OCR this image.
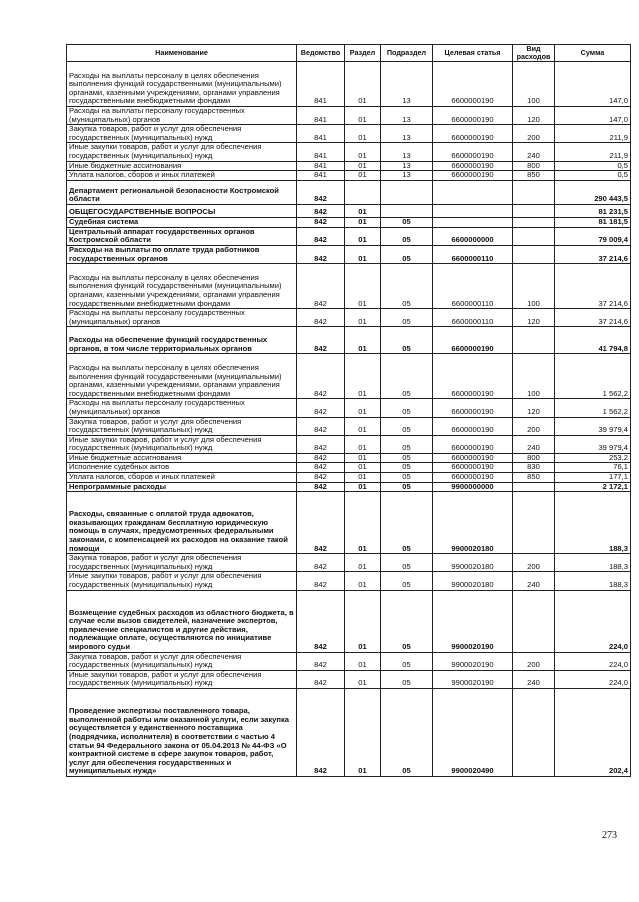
Наименование	Ведомство	Раздел	Подраздел	Целевая статья	Вид расходов	Сумма
Расходы на выплаты персоналу в целях обеспечения выполнения функций государственными (муниципальными) органами, казенными учреждениями, органами управления государственными внебюджетными фондами	841	01	13	6600000190	100	147,0
Расходы на выплаты персоналу государственных (муниципальных) органов	841	01	13	6600000190	120	147,0
Закупка товаров, работ и услуг для обеспечения государственных (муниципальных) нужд	841	01	13	6600000190	200	211,9
Иные закупки товаров, работ и услуг для обеспечения государственных (муниципальных) нужд	841	01	13	6600000190	240	211,9
Иные бюджетные ассигнования	841	01	13	6600000190	800	0,5
Уплата налогов, сборов и иных платежей	841	01	13	6600000190	850	0,5
Департамент региональной безопасности Костромской области	842					290 443,5
ОБЩЕГОСУДАРСТВЕННЫЕ ВОПРОСЫ	842	01				81 231,5
Судебная система	842	01	05			81 181,5
Центральный аппарат государственных органов Костромской области	842	01	05	6600000000		79 009,4
Расходы на выплаты по оплате труда работников государственных органов	842	01	05	6600000110		37 214,6
Расходы на выплаты персоналу в целях обеспечения выполнения функций государственными (муниципальными) органами, казенными учреждениями, органами управления государственными внебюджетными фондами	842	01	05	6600000110	100	37 214,6
Расходы на выплаты персоналу государственных (муниципальных) органов	842	01	05	6600000110	120	37 214,6
Расходы на обеспечение функций государственных органов, в том числе территориальных органов	842	01	05	6600000190		41 794,8
Расходы на выплаты персоналу в целях обеспечения выполнения функций государственными (муниципальными) органами, казенными учреждениями, органами управления государственными внебюджетными фондами	842	01	05	6600000190	100	1 562,2
Расходы на выплаты персоналу государственных (муниципальных) органов	842	01	05	6600000190	120	1 562,2
Закупка товаров, работ и услуг для обеспечения государственных (муниципальных) нужд	842	01	05	6600000190	200	39 979,4
Иные закупки товаров, работ и услуг для обеспечения государственных (муниципальных) нужд	842	01	05	6600000190	240	39 979,4
Иные бюджетные ассигнования	842	01	05	6600000190	800	253,2
Исполнение судебных актов	842	01	05	6600000190	830	76,1
Уплата налогов, сборов и иных платежей	842	01	05	6600000190	850	177,1
Непрограммные расходы	842	01	05	9900000000		2 172,1
Расходы, связанные с оплатой труда адвокатов, оказывающих гражданам бесплатную юридическую помощь в случаях, предусмотренных федеральными законами, с компенсацией их расходов на оказание такой помощи	842	01	05	9900020180		188,3
Закупка товаров, работ и услуг для обеспечения государственных (муниципальных) нужд	842	01	05	9900020180	200	188,3
Иные закупки товаров, работ и услуг для обеспечения государственных (муниципальных) нужд	842	01	05	9900020180	240	188,3
Возмещение судебных расходов из областного бюджета, в случае если вызов свидетелей, назначение экспертов, привлечение специалистов и другие действия, подлежащие оплате, осуществляются по инициативе мирового судьи	842	01	05	9900020190		224,0
Закупка товаров, работ и услуг для обеспечения государственных (муниципальных) нужд	842	01	05	9900020190	200	224,0
Иные закупки товаров, работ и услуг для обеспечения государственных (муниципальных) нужд	842	01	05	9900020190	240	224,0
Проведение экспертизы поставленного товара, выполненной работы или оказанной услуги, если закупка осуществляется у единственного поставщика (подрядчика, исполнителя) в соответствии с частью 4 статьи 94 Федерального закона от 05.04.2013 № 44-ФЗ «О контрактной системе в сфере закупок товаров, работ, услуг для обеспечения государственных и муниципальных нужд»	842	01	05	9900020490		202,4
273
